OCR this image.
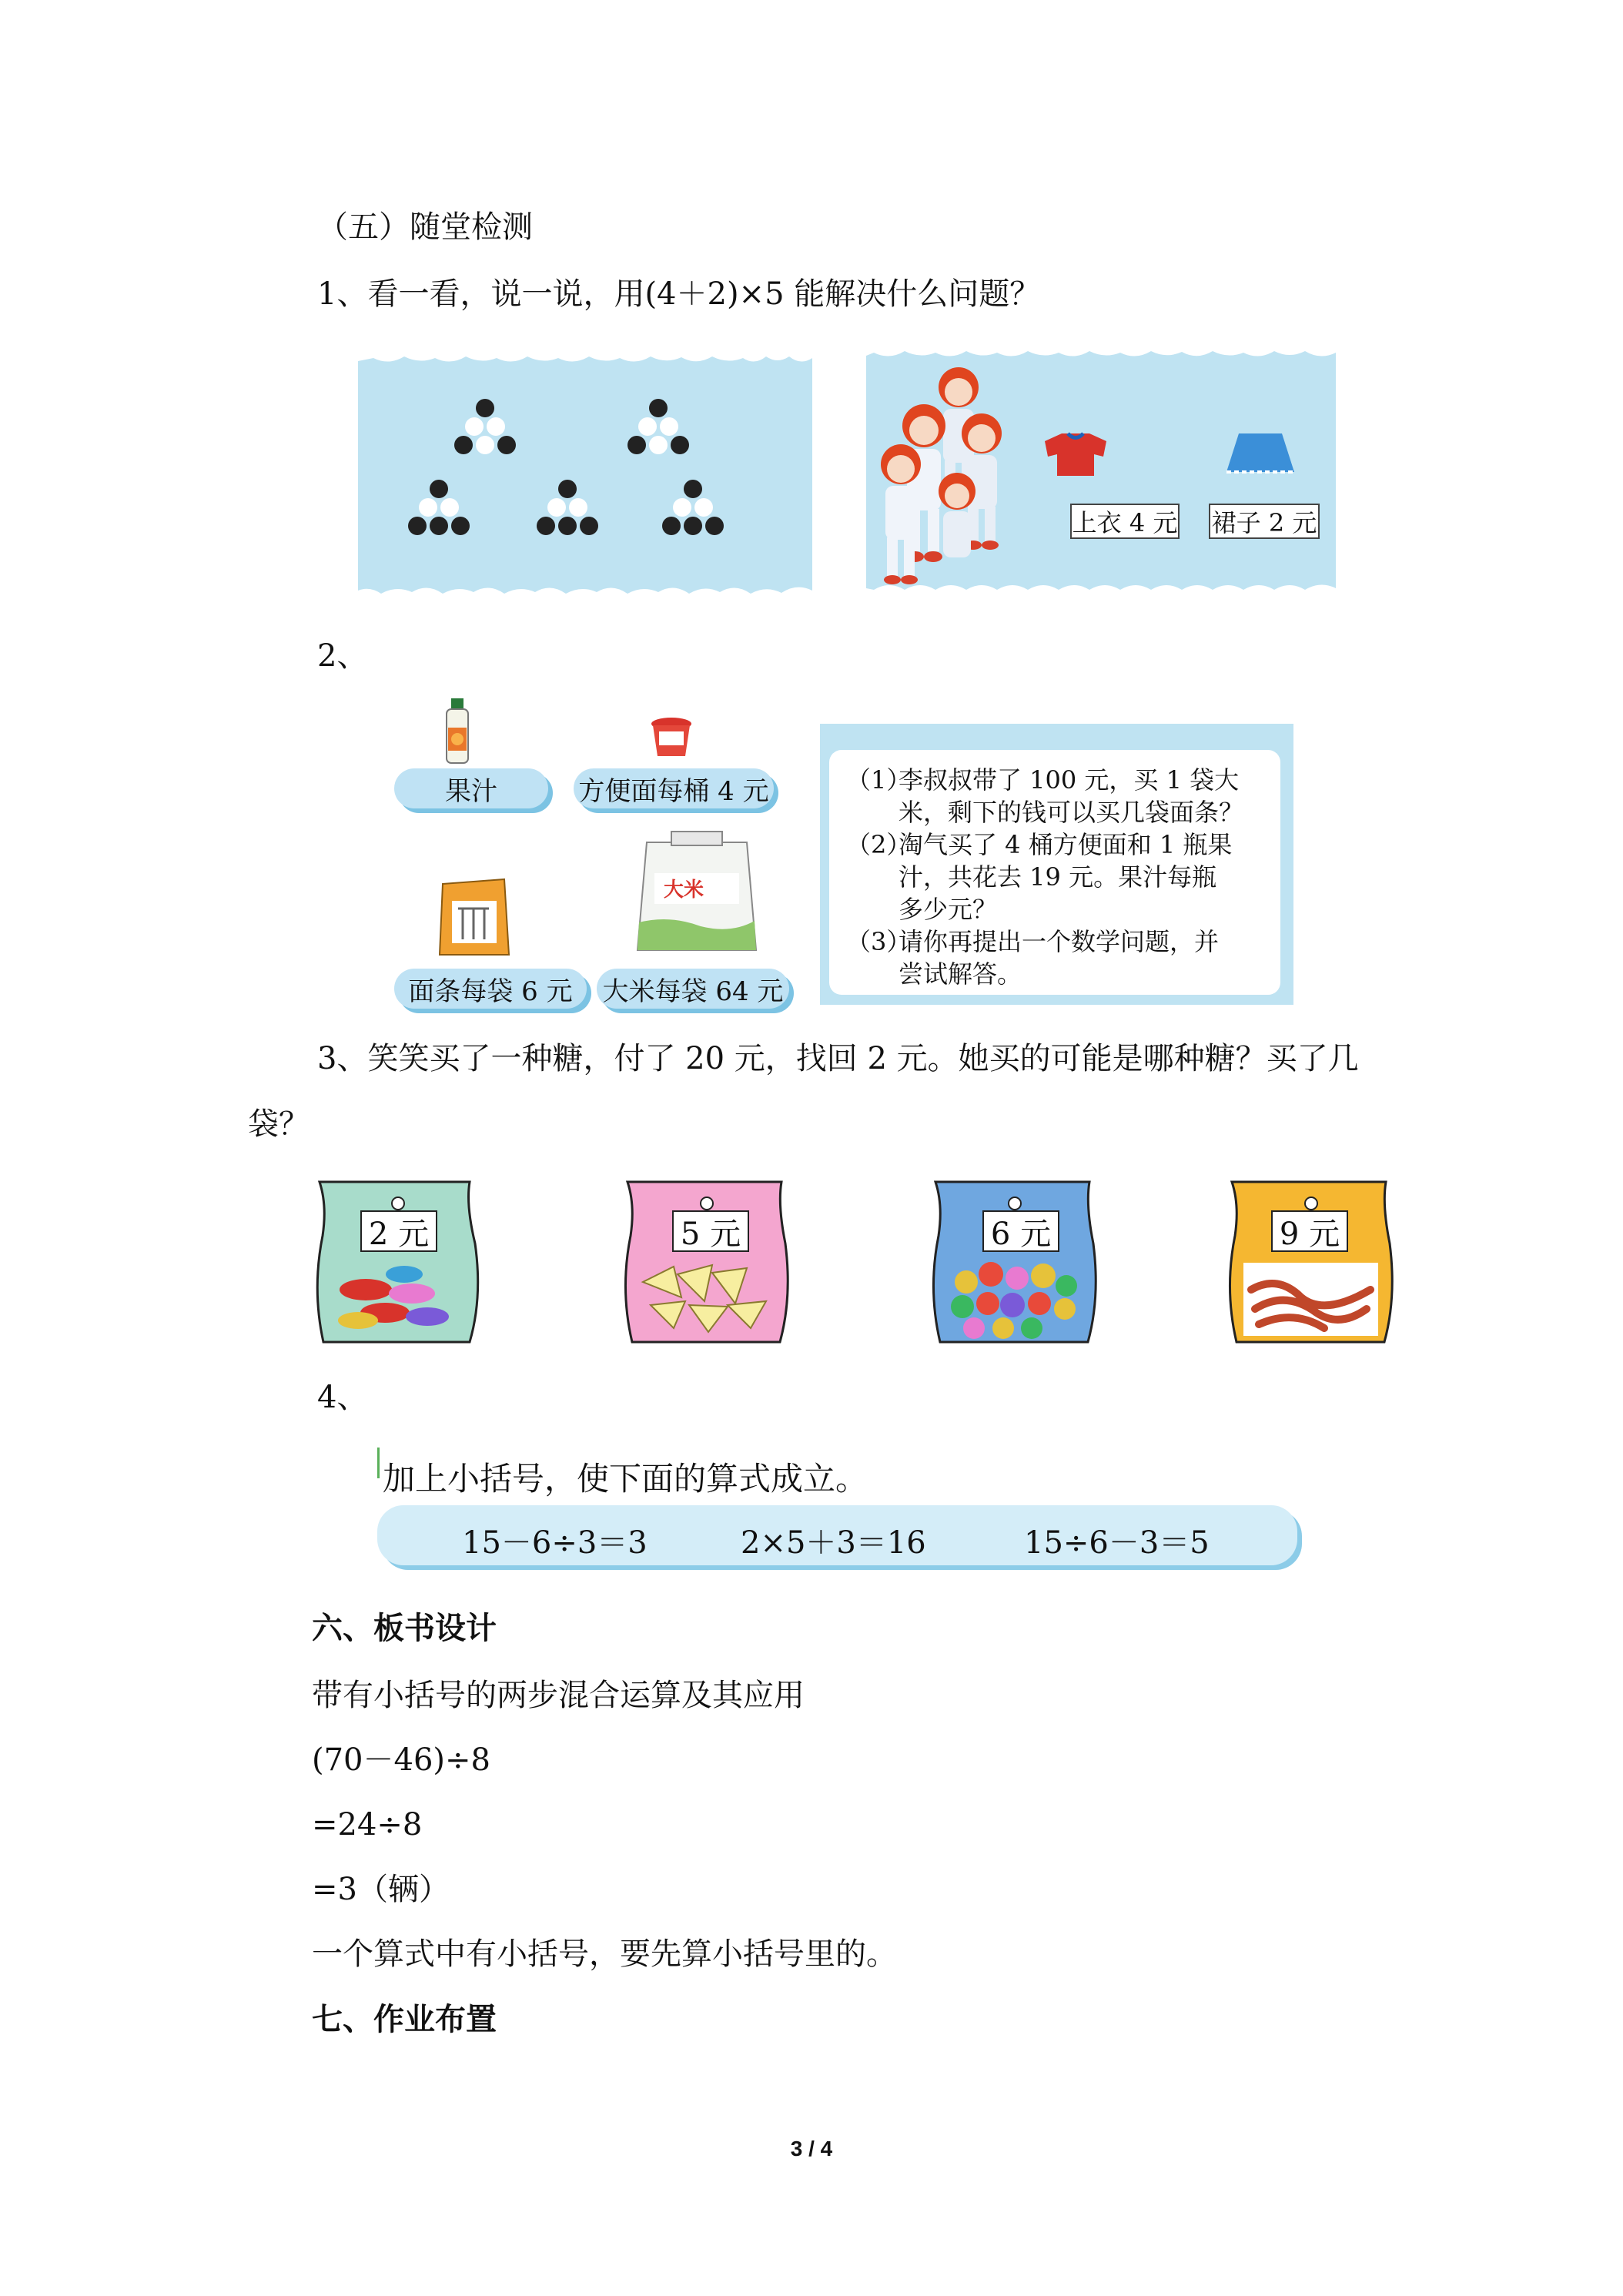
（五）随堂检测
1、看一看，说一说，用(4＋2)×5 能解决什么问题？
上衣 4 元 裙子 2 元
2、
果汁	方便面每桶 4 元
大米
面条每袋 6 元	大米每袋 64 元
（1）
李叔叔带了 100 元，买 1 袋大
米，剩下的钱可以买几袋面条？
（2）
淘气买了 4 桶方便面和 1 瓶果
汁，共花去 19 元。果汁每瓶
多少元？
（3）
请你再提出一个数学问题，并
尝试解答。
3、笑笑买了一种糖，付了 20 元，找回 2 元。她买的可能是哪种糖？买了几
袋？
2 元	5 元	6 元	9 元
4、
加上小括号，使下面的算式成立。
15－6÷3＝3	2×5＋3＝16	15÷6－3＝5
六、板书设计
带有小括号的两步混合运算及其应用
(70－46)÷8
=24÷8
=3（辆）
一个算式中有小括号，要先算小括号里的。
七、作业布置
3 / 4
